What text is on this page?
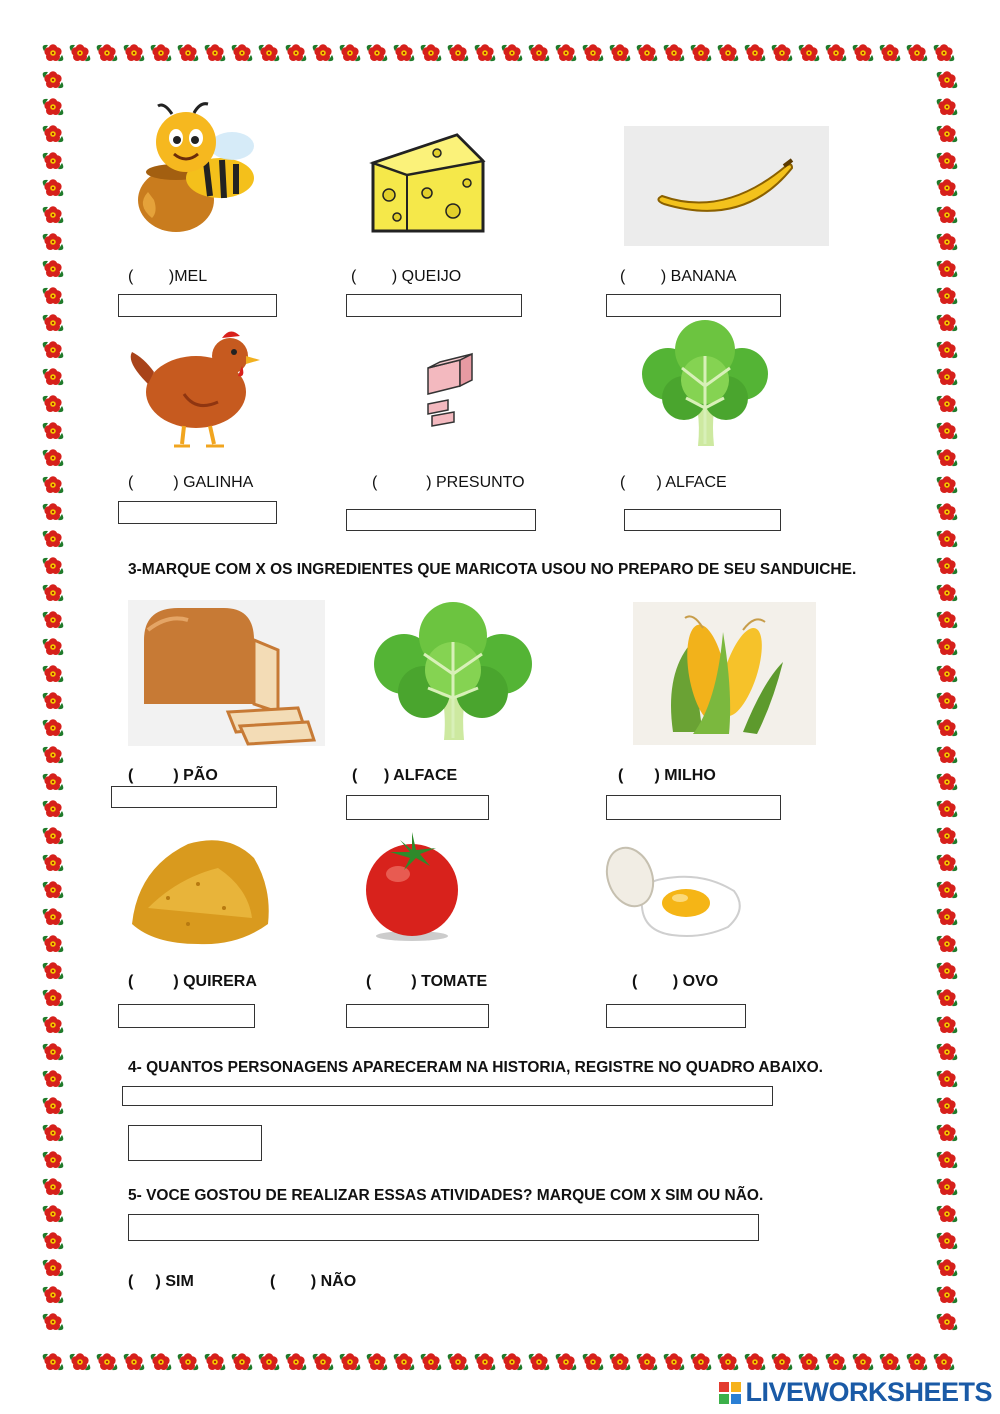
(        )MEL	(        ) QUEIJO	(        ) BANANA
(         ) GALINHA	(           ) PRESUNTO	(       ) ALFACE
3-MARQUE COM X OS INGREDIENTES QUE MARICOTA USOU NO PREPARO DE SEU SANDUICHE.
(         ) PÃO	(      ) ALFACE	(       ) MILHO
(         ) QUIRERA	(         ) TOMATE	(        ) OVO
4- QUANTOS PERSONAGENS APARECERAM NA HISTORIA, REGISTRE NO QUADRO ABAIXO.
5- VOCE GOSTOU DE REALIZAR ESSAS ATIVIDADES? MARQUE COM X SIM OU NÃO.
(     ) SIM	(        ) NÃO
LIVEWORKSHEETS
